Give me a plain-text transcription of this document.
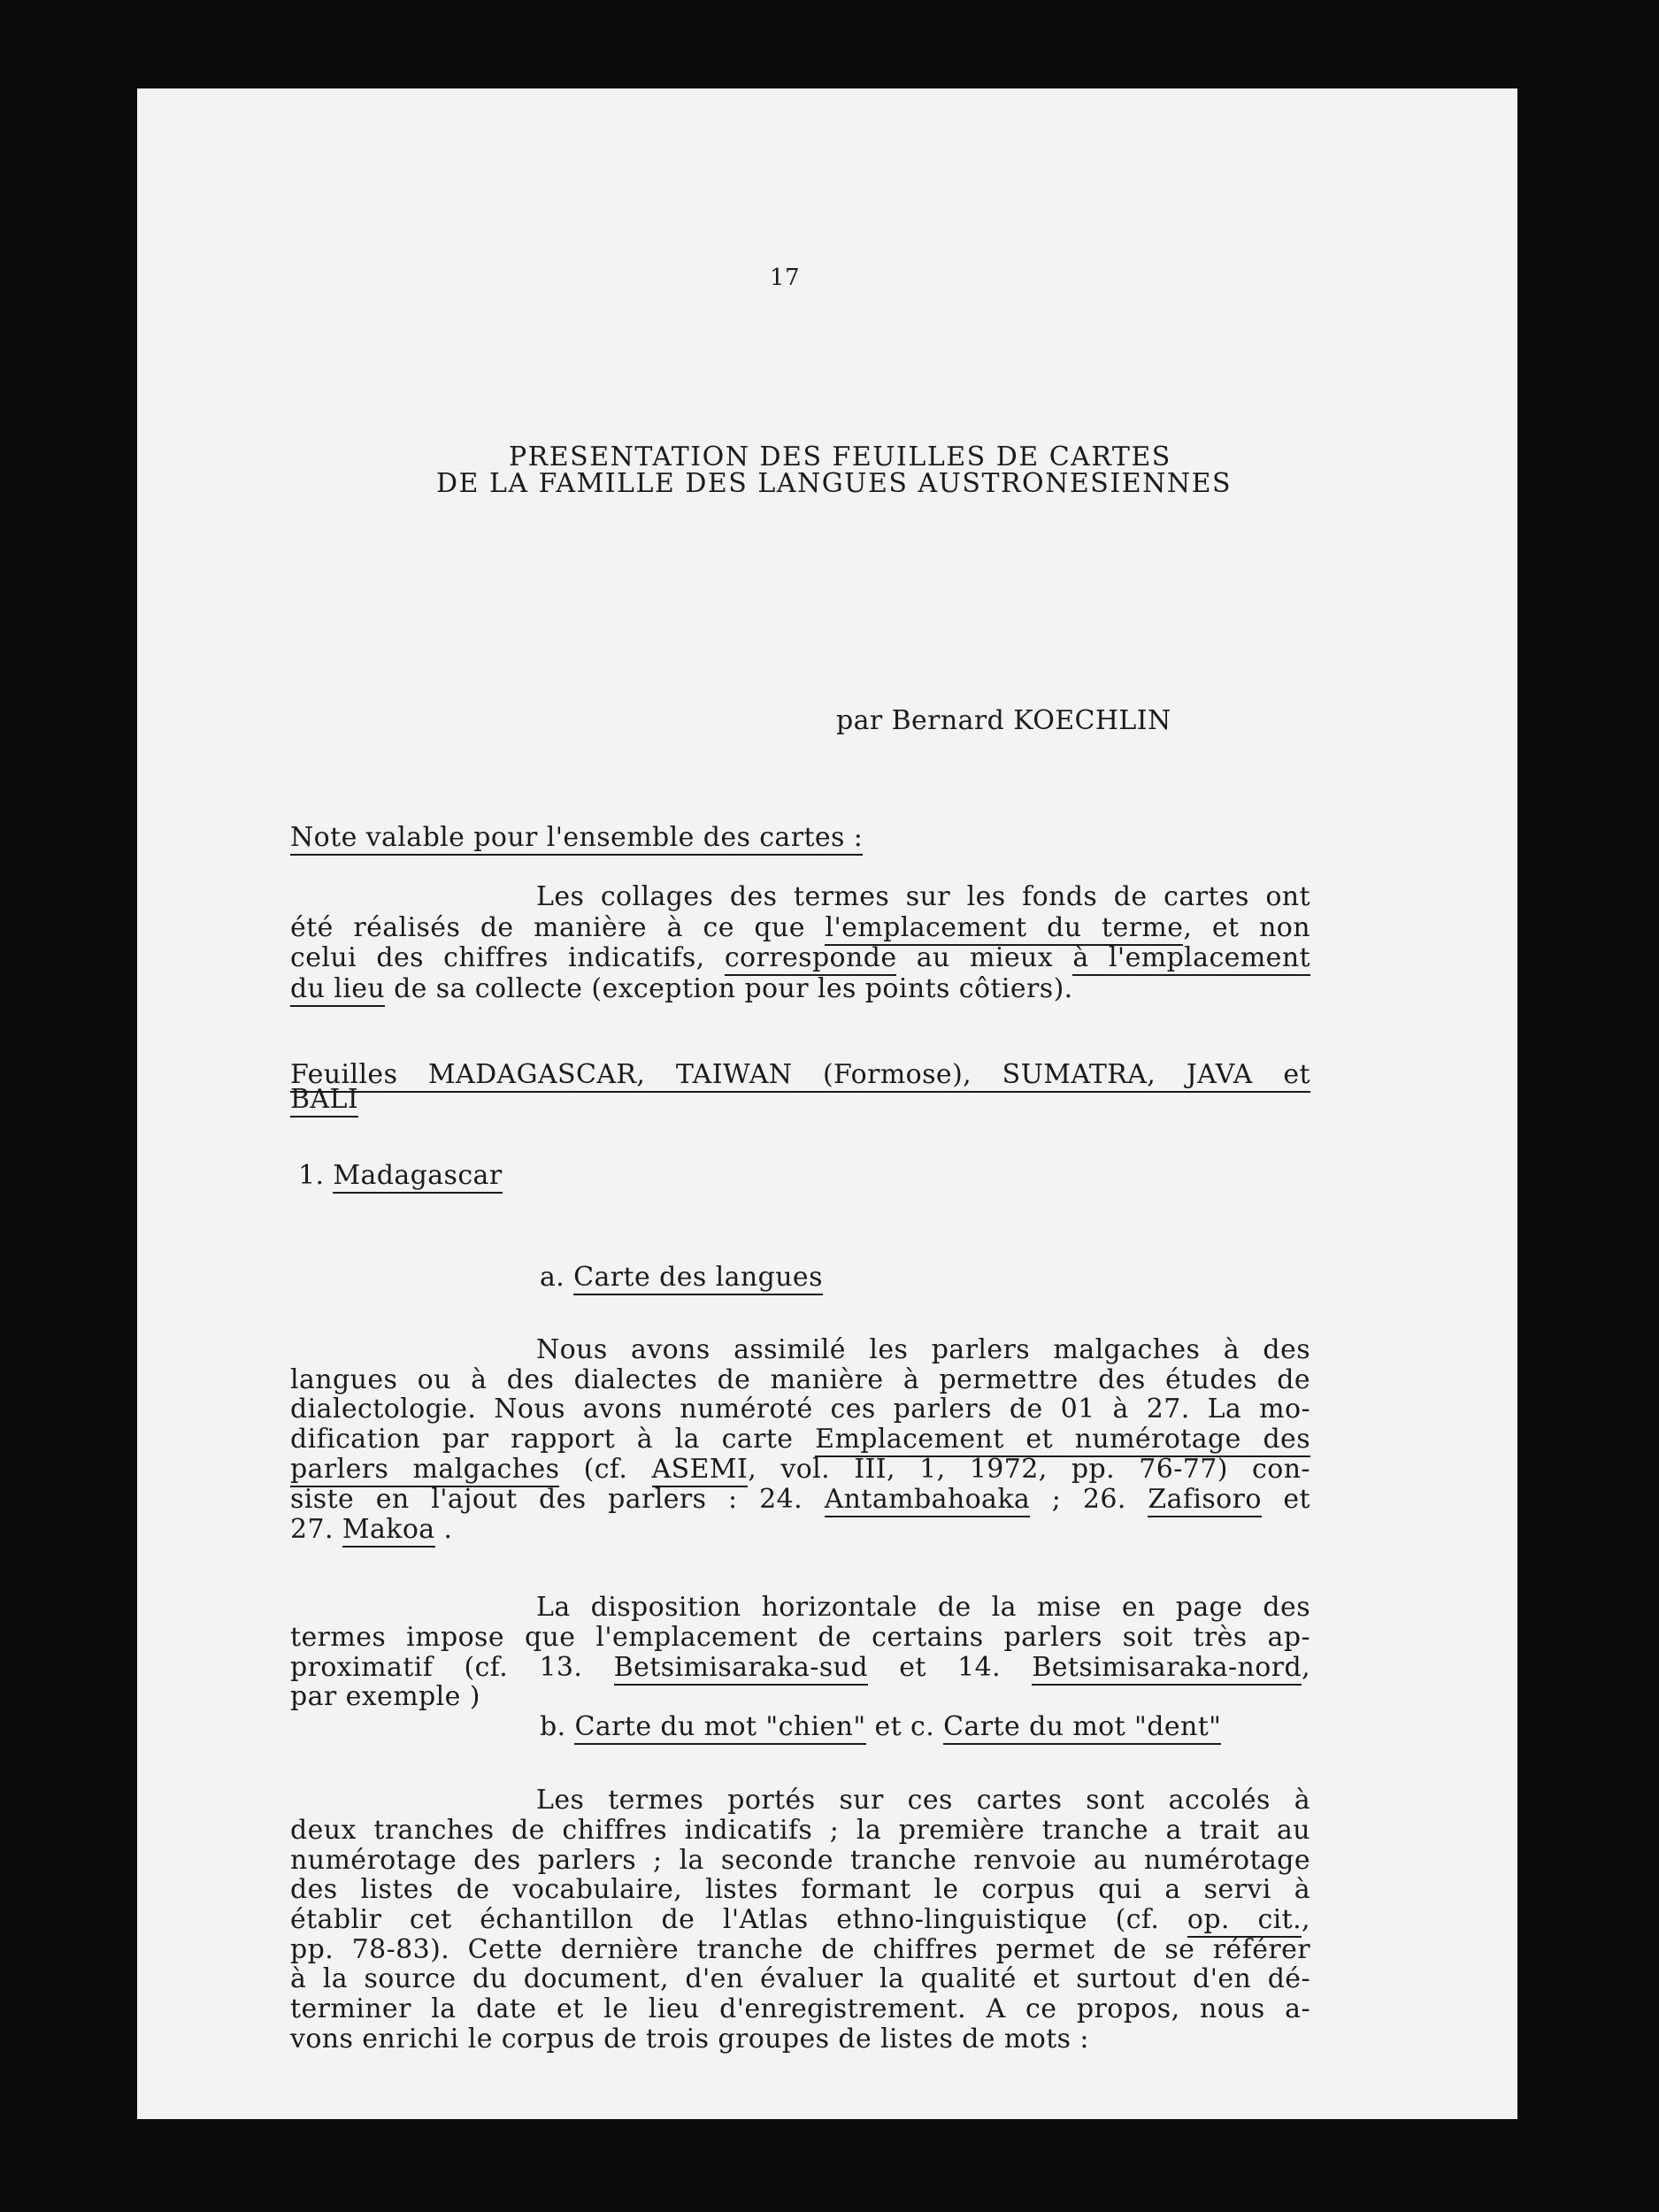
17
PRESENTATION DES FEUILLES DE CARTES
DE LA FAMILLE DES LANGUES AUSTRONESIENNES
par Bernard KOECHLIN
Note valable pour l'ensemble des cartes :
Les collages des termes sur les fonds de cartes ont
été réalisés de manière à ce que l'emplacement du terme, et non
celui des chiffres indicatifs, corresponde au mieux à l'emplacement
du lieu de sa collecte (exception pour les points côtiers).
Feuilles MADAGASCAR, TAIWAN (Formose), SUMATRA, JAVA et
BALI
1. Madagascar
a. Carte des langues
Nous avons assimilé les parlers malgaches à des
langues ou à des dialectes de manière à permettre des études de
dialectologie. Nous avons numéroté ces parlers de 01 à 27. La mo-
dification par rapport à la carte Emplacement et numérotage des
parlers malgaches (cf. ASEMI, vol. III, 1, 1972, pp. 76-77) con-
siste en l'ajout des parlers : 24. Antambahoaka ; 26. Zafisoro et
27. Makoa .
La disposition horizontale de la mise en page des
termes impose que l'emplacement de certains parlers soit très ap-
proximatif (cf. 13. Betsimisaraka-sud et 14. Betsimisaraka-nord,
par exemple )
b. Carte du mot "chien" et c. Carte du mot "dent"
Les termes portés sur ces cartes sont accolés à
deux tranches de chiffres indicatifs ; la première tranche a trait au
numérotage des parlers ; la seconde tranche renvoie au numérotage
des listes de vocabulaire, listes formant le corpus qui a servi à
établir cet échantillon de l'Atlas ethno-linguistique (cf. op. cit.,
pp. 78-83). Cette dernière tranche de chiffres permet de se référer
à la source du document, d'en évaluer la qualité et surtout d'en dé-
terminer la date et le lieu d'enregistrement. A ce propos, nous a-
vons enrichi le corpus de trois groupes de listes de mots :
